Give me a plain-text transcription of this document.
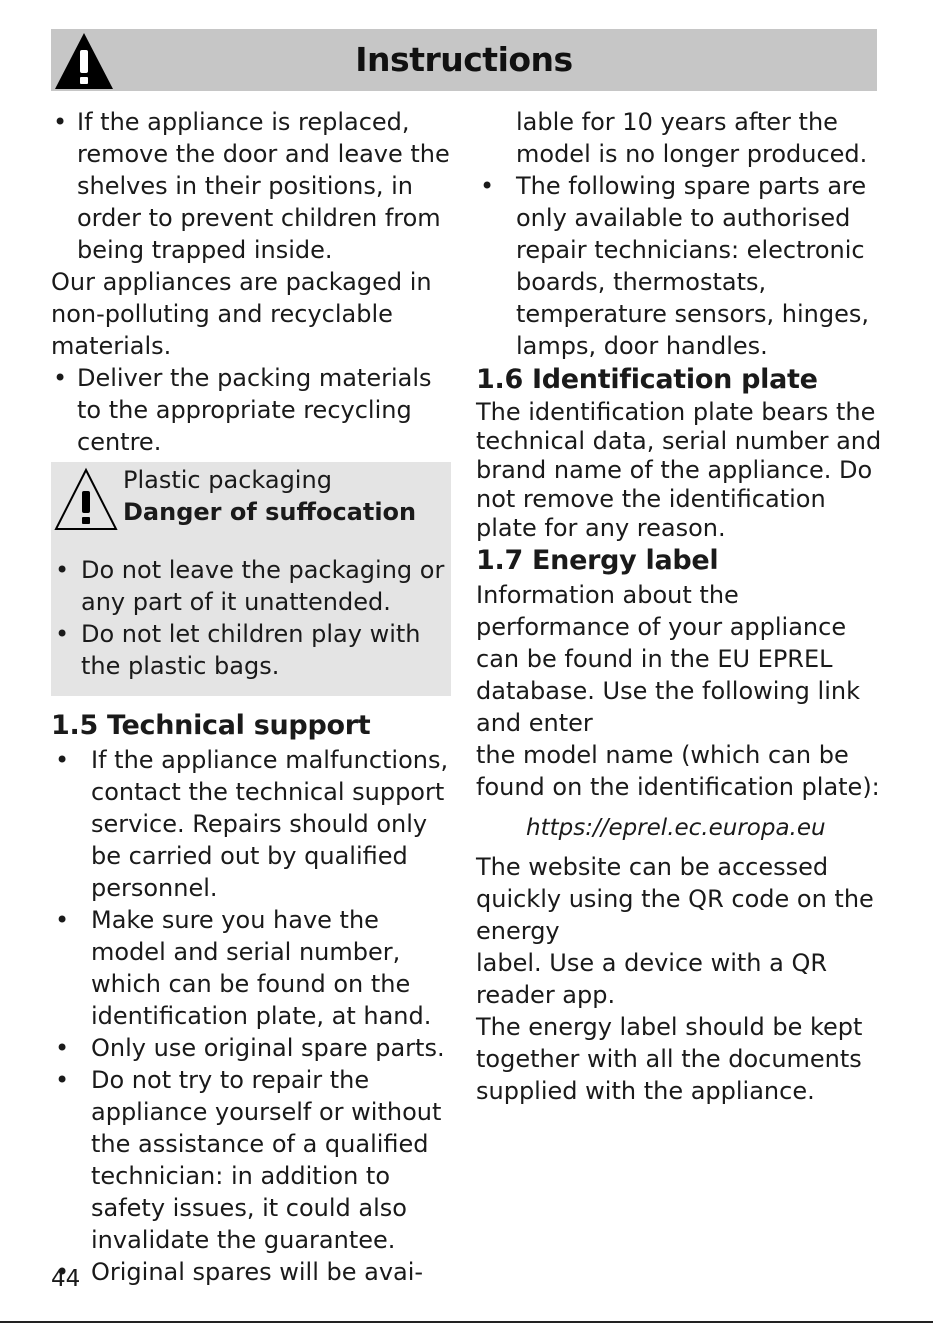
Instructions

• If the appliance is replaced, remove the door and leave the shelves in their positions, in order to prevent children from being trapped inside.

Our appliances are packaged in non-polluting and recyclable materials.

• Deliver the packing materials to the appropriate recycling centre.

Plastic packaging
Danger of suffocation

• Do not leave the packaging or any part of it unattended.

• Do not let children play with the plastic bags.

1.5 Technical support

• If the appliance malfunctions, contact the technical support service. Repairs should only be carried out by qualified personnel.

• Make sure you have the model and serial number, which can be found on the identification plate, at hand.

• Only use original spare parts.

• Do not try to repair the appliance yourself or without the assistance of a qualified technician: in addition to safety issues, it could also invalidate the guarantee.

• Original spares will be avai-

lable for 10 years after the model is no longer produced.

• The following spare parts are only available to authorised repair technicians: electronic boards, thermostats, temperature sensors, hinges, lamps, door handles.

1.6 Identification plate

The identification plate bears the technical data, serial number and brand name of the appliance. Do not remove the identification plate for any reason.

1.7 Energy label

Information about the performance of your appliance can be found in the EU EPREL database. Use the following link and enter

the model name (which can be found on the identification plate):

https://eprel.ec.europa.eu

The website can be accessed quickly using the QR code on the energy

label. Use a device with a QR reader app.

The energy label should be kept together with all the documents supplied with the appliance.

44
